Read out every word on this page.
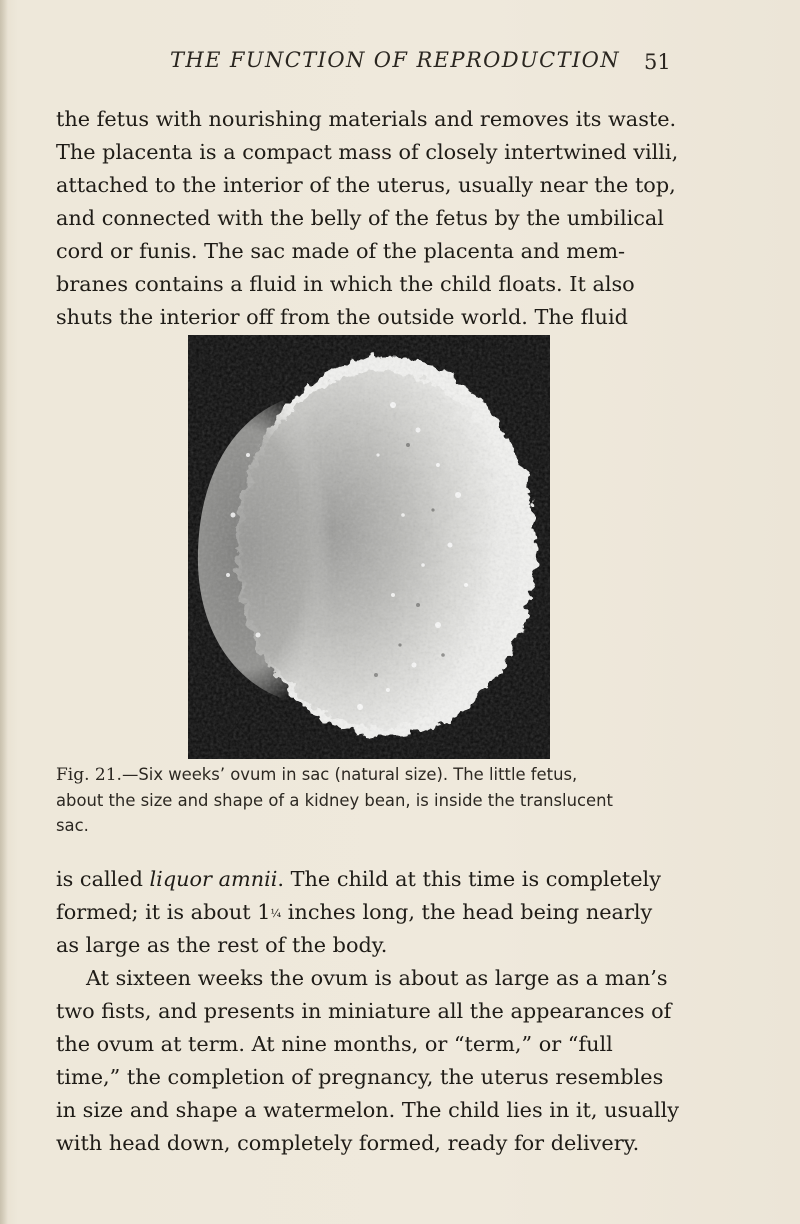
THE FUNCTION OF REPRODUCTION 51
the fetus with nourishing materials and removes its waste.
The placenta is a compact mass of closely intertwined villi,
attached to the interior of the uterus, usually near the top,
and connected with the belly of the fetus by the umbilical
cord or funis. The sac made of the placenta and mem-
branes contains a fluid in which the child floats. It also
shuts the interior off from the outside world. The fluid
Fig. 21.—Six weeks’ ovum in sac (natural size). The little fetus,
about the size and shape of a kidney bean, is inside the translucent
sac.
is called liquor amnii. The child at this time is completely
formed; it is about 1¼ inches long, the head being nearly
as large as the rest of the body.
At sixteen weeks the ovum is about as large as a man’s
two fists, and presents in miniature all the appearances of
the ovum at term. At nine months, or “term,” or “full
time,” the completion of pregnancy, the uterus resembles
in size and shape a watermelon. The child lies in it, usually
with head down, completely formed, ready for delivery.
